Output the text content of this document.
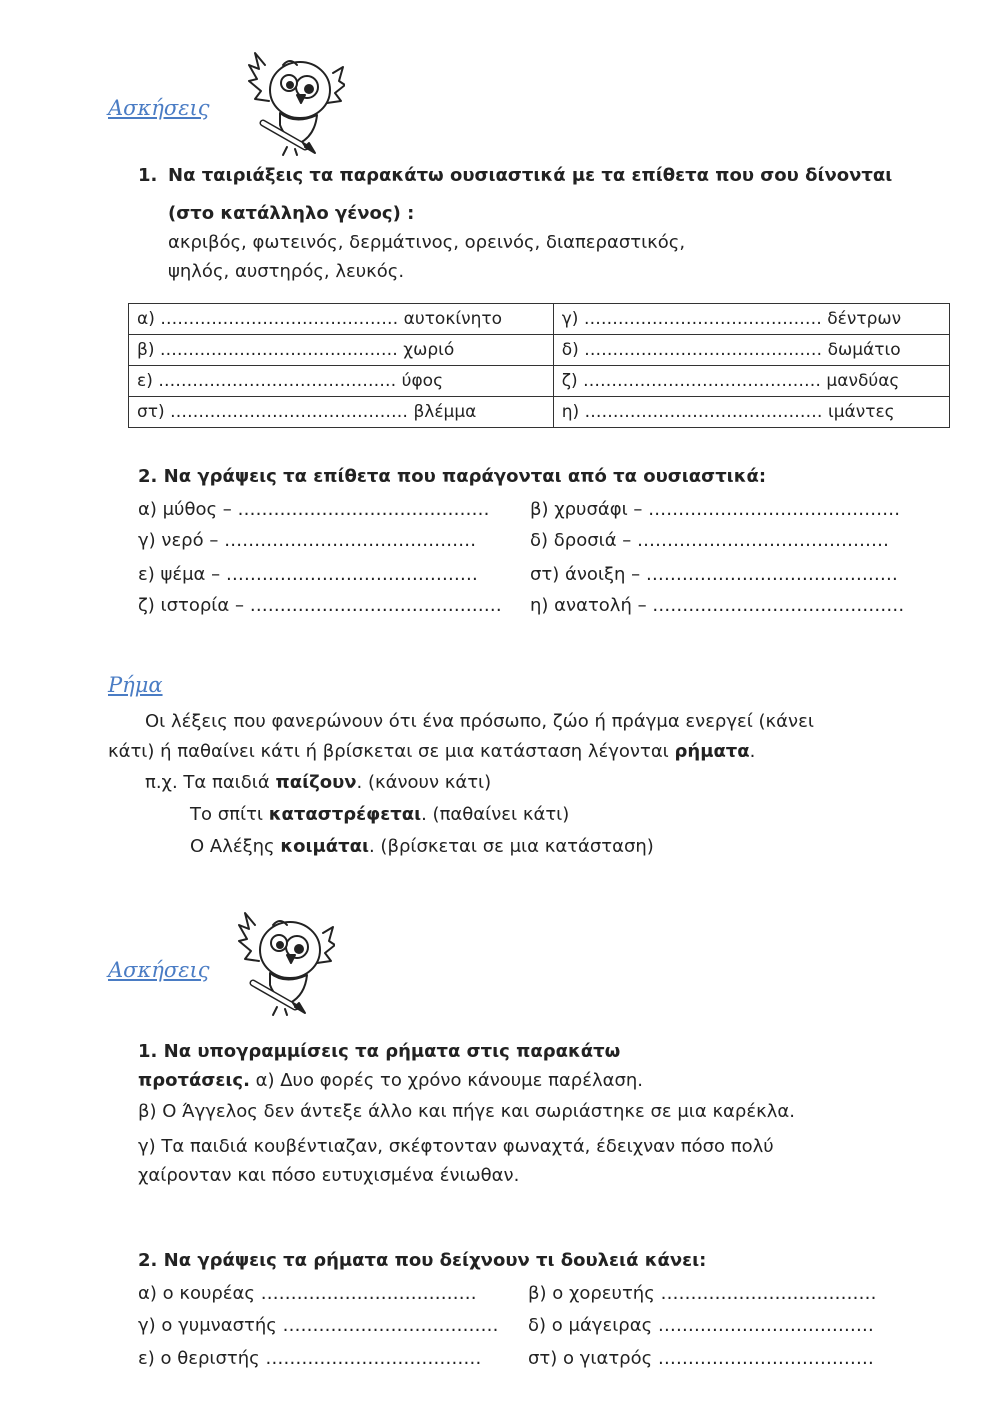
Ασκήσεις
1. Να ταιριάξεις τα παρακάτω ουσιαστικά με τα επίθετα που σου δίνονται
(στο κατάλληλο γένος) :
ακριβός, φωτεινός, δερμάτινος, ορεινός, διαπεραστικός,
ψηλός, αυστηρός, λευκός.
α) …………………………………… αυτοκίνητο	γ) …………………………………… δέντρων
β) …………………………………… χωριό	δ) …………………………………… δωμάτιο
ε) …………………………………… ύφος	ζ) …………………………………… μανδύας
στ) …………………………………… βλέμμα	η) …………………………………… ιμάντες
2. Να γράψεις τα επίθετα που παράγονται από τα ουσιαστικά:
α) μύθος – …………………………………… β) χρυσάφι – ……………………………………
γ) νερό – ……………………………………	δ) δροσιά – ……………………………………
ε) ψέμα – ……………………………………	στ) άνοιξη – ……………………………………
ζ) ιστορία – …………………………………… η) ανατολή – ……………………………………
Ρήμα
Οι λέξεις που φανερώνουν ότι ένα πρόσωπο, ζώο ή πράγμα ενεργεί (κάνει
κάτι) ή παθαίνει κάτι ή βρίσκεται σε μια κατάσταση λέγονται ρήματα.
π.χ. Τα παιδιά παίζουν. (κάνουν κάτι)
Το σπίτι καταστρέφεται. (παθαίνει κάτι)
Ο Αλέξης κοιμάται. (βρίσκεται σε μια κατάσταση)
Ασκήσεις
1. Να υπογραμμίσεις τα ρήματα στις παρακάτω
προτάσεις. α) Δυο φορές το χρόνο κάνουμε παρέλαση.
β) Ο Άγγελος δεν άντεξε άλλο και πήγε και σωριάστηκε σε μια καρέκλα.
γ) Τα παιδιά κουβέντιαζαν, σκέφτονταν φωναχτά, έδειχναν πόσο πολύ
χαίρονταν και πόσο ευτυχισμένα ένιωθαν.
2. Να γράψεις τα ρήματα που δείχνουν τι δουλειά κάνει:
α) ο κουρέας ………………………………	β) ο χορευτής ………………………………
γ) ο γυμναστής ……………………………… δ) ο μάγειρας ………………………………
ε) ο θεριστής ………………………………	στ) ο γιατρός ………………………………
